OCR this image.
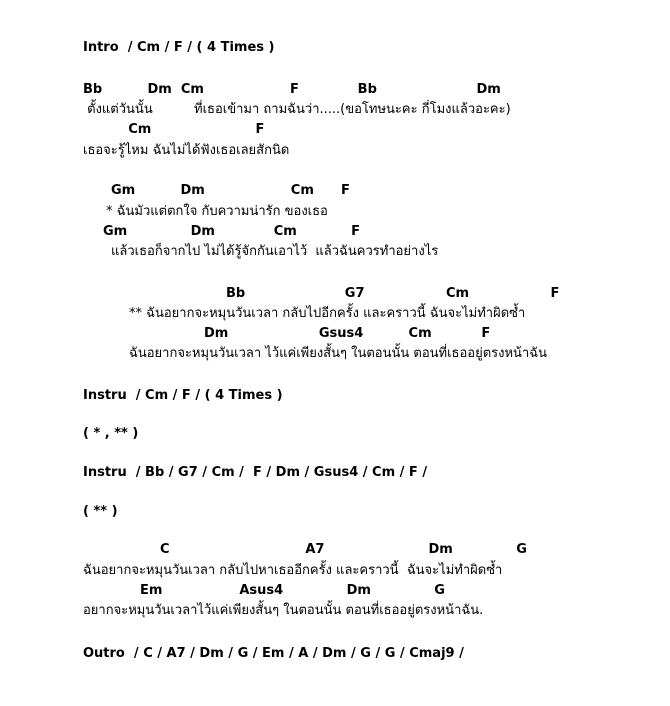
Intro  / Cm / F / ( 4 Times )
Bb          Dm  Cm                   F             Bb                      Dm
ตั้งแต่วันนั้น          ที่เธอเข้ามา ถามฉันว่า.....(ขอโทษนะคะ กี่โมงแล้วอะคะ)
Cm                       F
เธอจะรู้ไหม ฉันไม่ได้ฟังเธอเลยสักนิด
Gm          Dm                   Cm      F
* ฉันมัวแต่ตกใจ กับความน่ารัก ของเธอ
Gm              Dm             Cm            F
แล้วเธอก็จากไป ไม่ได้รู้จักกันเอาไว้  แล้วฉันควรทำอย่างไร
Bb                      G7                  Cm                  F
** ฉันอยากจะหมุนวันเวลา กลับไปอีกครั้ง และคราวนี้ ฉันจะไม่ทำผิดซ้ำ
Dm                    Gsus4          Cm           F
ฉันอยากจะหมุนวันเวลา ไว้แค่เพียงสั้นๆ ในตอนนั้น ตอนที่เธออยู่ตรงหน้าฉัน
Instru  / Cm / F / ( 4 Times )
( * , ** )
Instru  / Bb / G7 / Cm /  F / Dm / Gsus4 / Cm / F /
( ** )
C                              A7                       Dm              G
ฉันอยากจะหมุนวันเวลา กลับไปหาเธออีกครั้ง และคราวนี้  ฉันจะไม่ทำผิดซ้ำ
Em                 Asus4              Dm              G
อยากจะหมุนวันเวลาไว้แค่เพียงสั้นๆ ในตอนนั้น ตอนที่เธออยู่ตรงหน้าฉัน.
Outro  / C / A7 / Dm / G / Em / A / Dm / G / G / Cmaj9 /
